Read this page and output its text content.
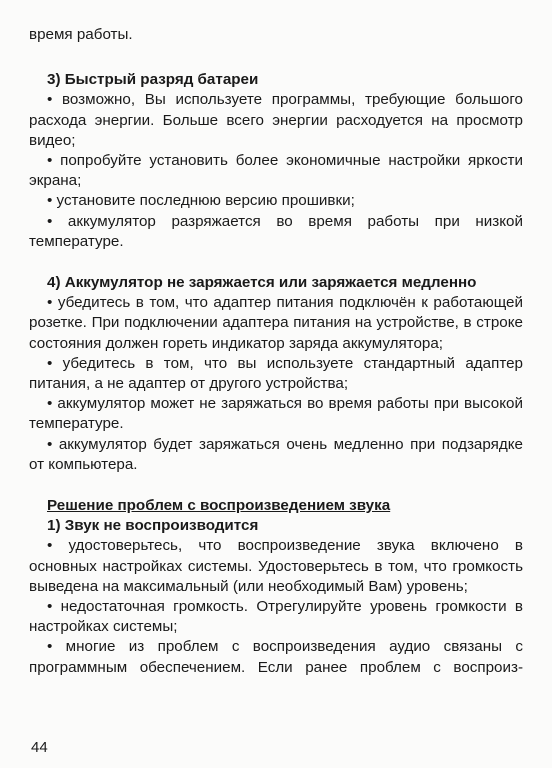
время работы.

3) Быстрый разряд батареи

• возможно, Вы используете программы, требующие большого расхода энергии. Больше всего энергии расходуется на просмотр видео;

• попробуйте установить более экономичные настройки яркости экрана;

• установите последнюю версию прошивки;

• аккумулятор разряжается во время работы при низкой температуре.

4) Аккумулятор не заряжается или заряжается медленно

• убедитесь в том, что адаптер питания подключён к работающей розетке. При подключении адаптера питания на устройстве, в строке состояния должен гореть индикатор заряда аккумулятора;

• убедитесь в том, что вы используете стандартный адаптер питания, а не адаптер от другого устройства;

• аккумулятор может не заряжаться во время работы при высокой температуре.

• аккумулятор будет заряжаться очень медленно при подзарядке от компьютера.

Решение проблем с воспроизведением звука

1) Звук не воспроизводится

• удостоверьтесь, что воспроизведение звука включено в основных настройках системы. Удостоверьтесь в том, что громкость выведена на максимальный (или необходимый Вам) уровень;

• недостаточная громкость. Отрегулируйте уровень громкости в настройках системы;

• многие из проблем с воспроизведения аудио связаны с программным обеспечением. Если ранее проблем с воспроиз-

44
